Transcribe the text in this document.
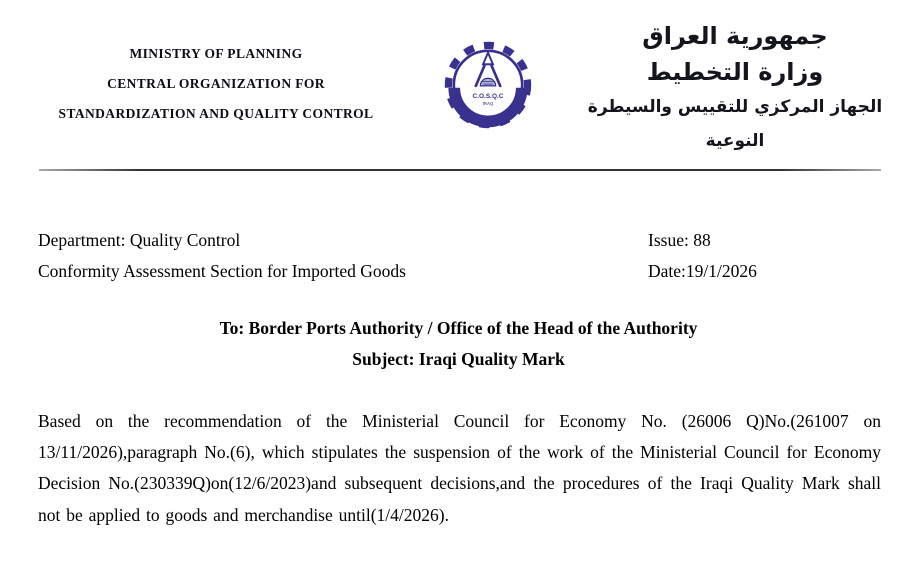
MINISTRY OF PLANNING
CENTRAL ORGANIZATION FOR
STANDARDIZATION AND QUALITY CONTROL
C.O.S.Q.C
IRAQ
جمهورية العراق
وزارة التخطيط
الجهاز المركزي للتقييس والسيطرة النوعية
Department: Quality Control
Conformity Assessment Section for Imported Goods
Issue: 88
Date:19/1/2026
To: Border Ports Authority / Office of the Head of the Authority
Subject: Iraqi Quality Mark

Based on the recommendation of the Ministerial Council for Economy No. (26006 Q)No.(261007 on 13/11/2026),paragraph No.(6), which stipulates the suspension of the work of the Ministerial Council for Economy Decision No.(230339Q)on(12/6/2023)and subsequent decisions,and the procedures of the Iraqi Quality Mark shall not be applied to goods and merchandise until(1/4/2026).
